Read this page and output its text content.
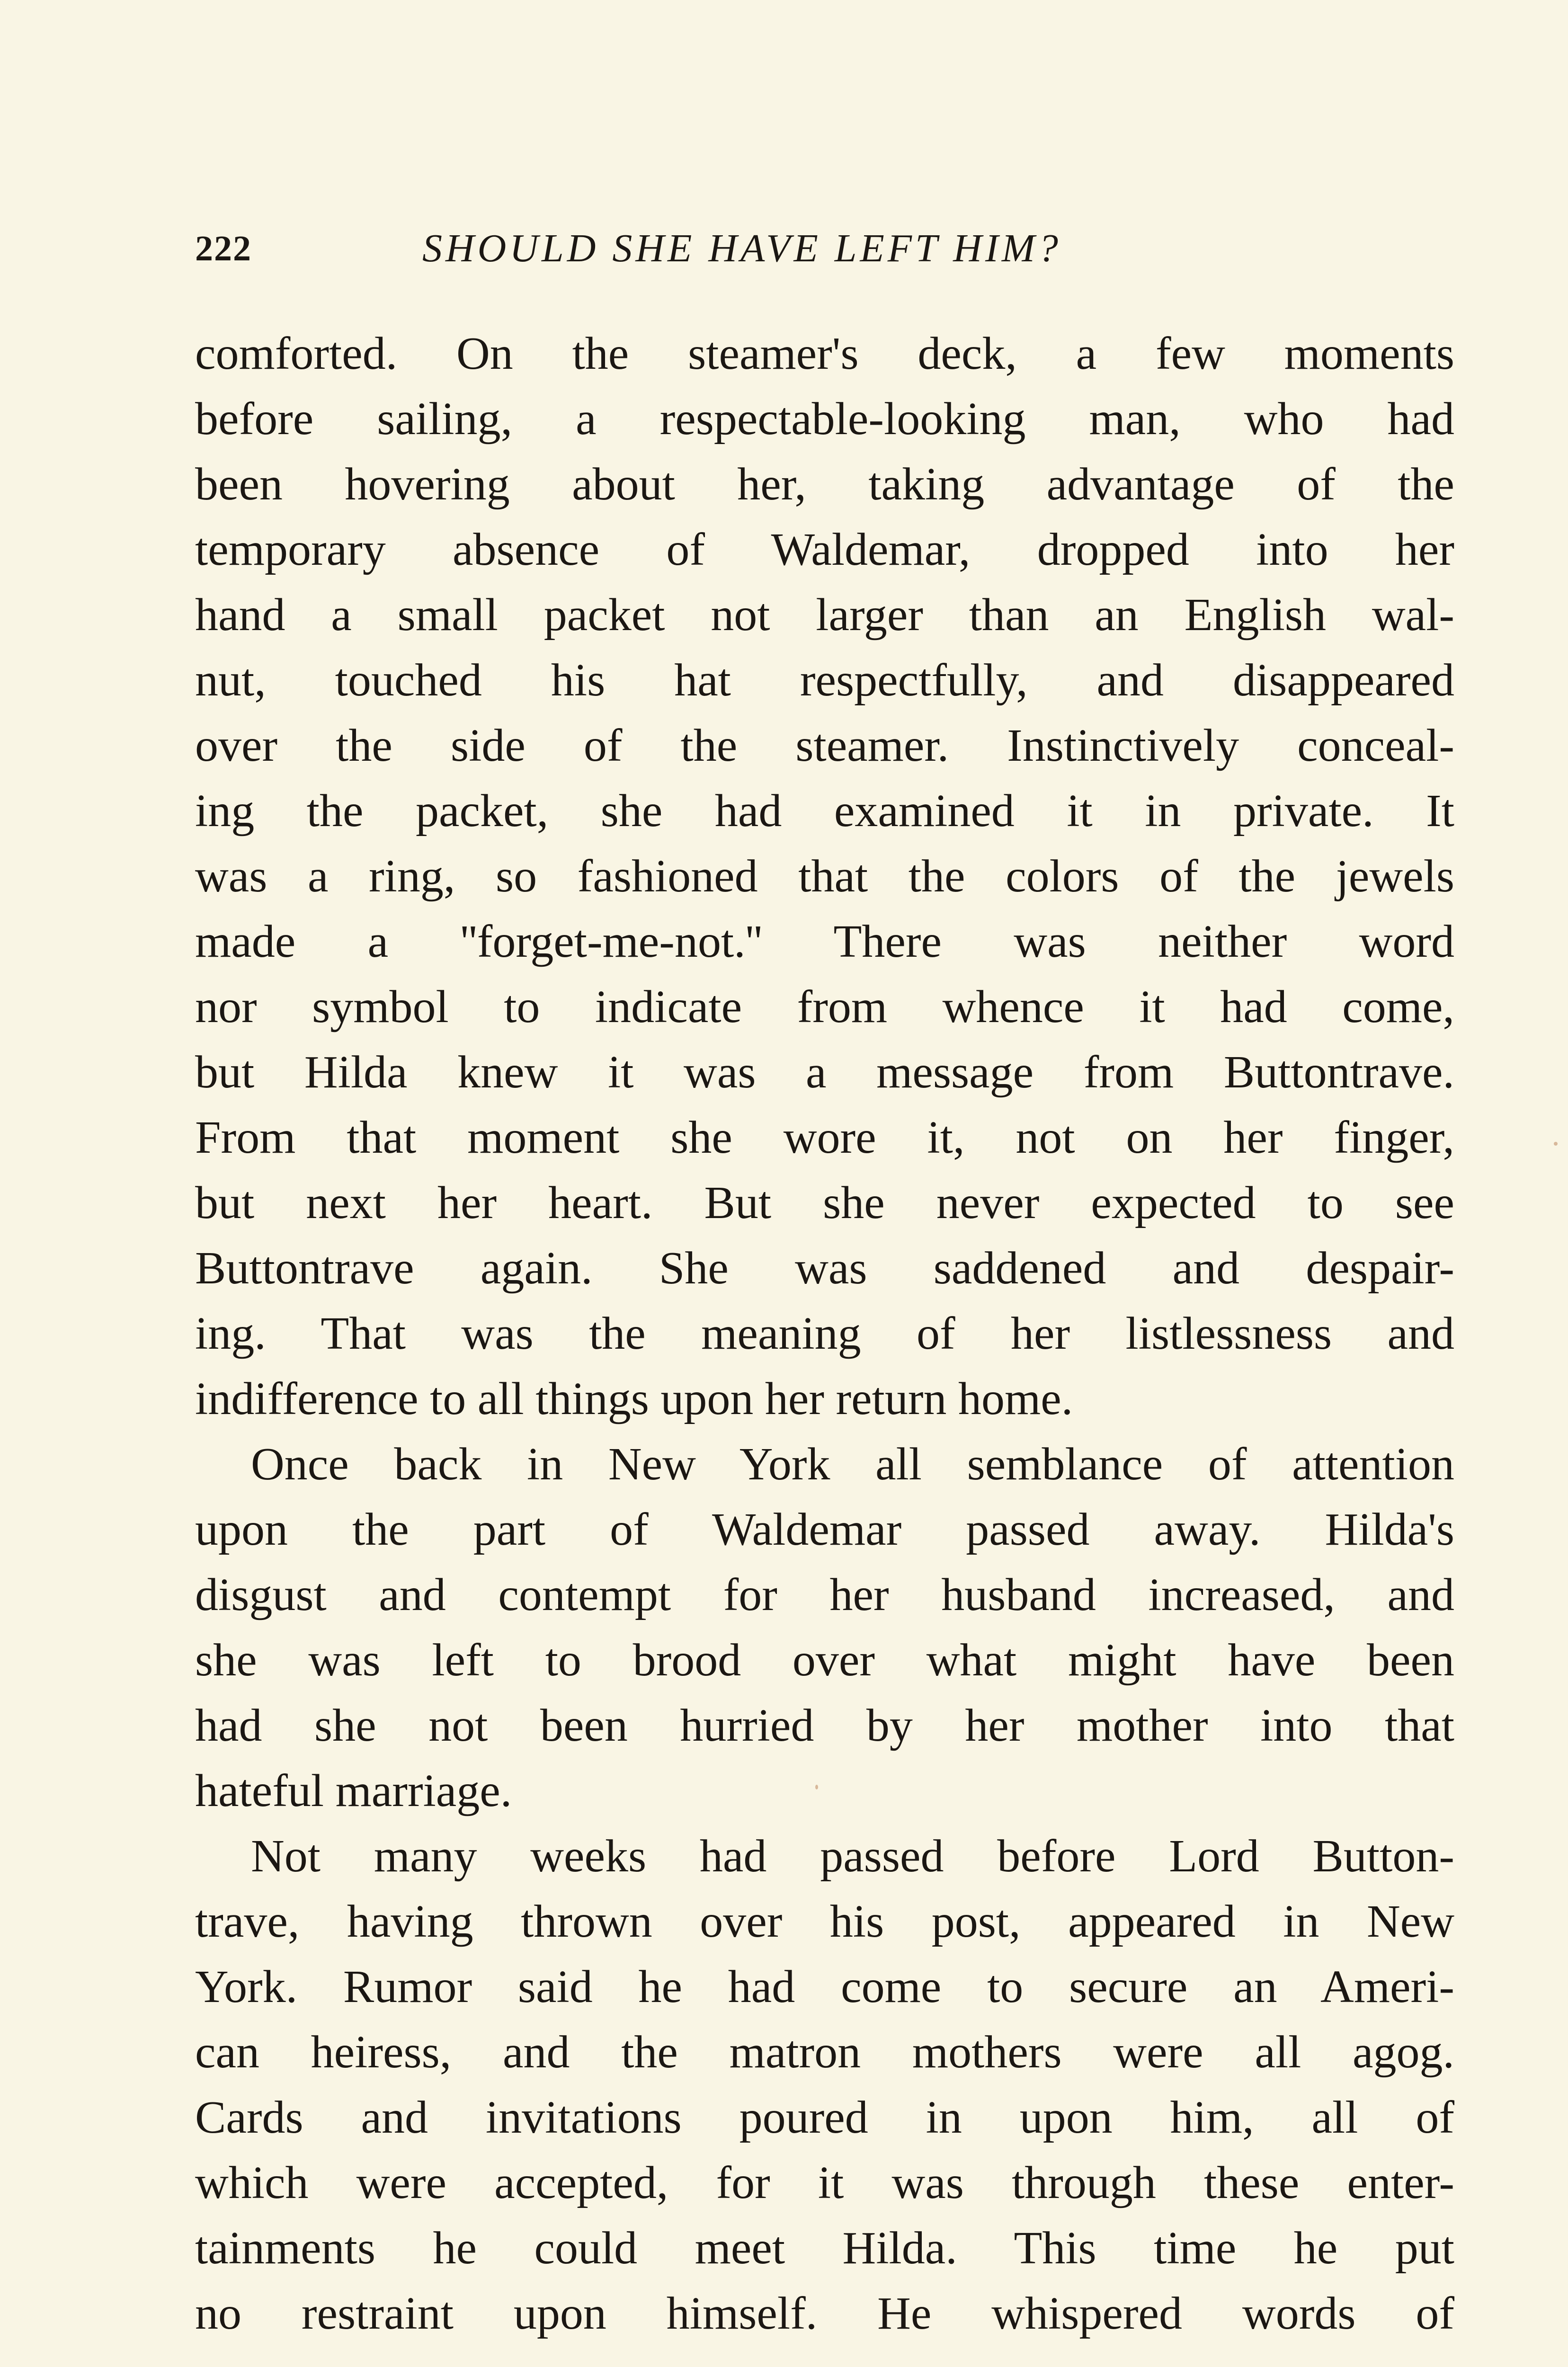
222	SHOULD SHE HAVE LEFT HIM?
comforted. On the steamer's deck, a few moments
before sailing, a respectable-looking man, who had
been hovering about her, taking advantage of the
temporary absence of Waldemar, dropped into her
hand a small packet not larger than an English wal-
nut, touched his hat respectfully, and disappeared
over the side of the steamer. Instinctively conceal-
ing the packet, she had examined it in private. It
was a ring, so fashioned that the colors of the jewels
made a ''forget-me-not.'' There was neither word
nor symbol to indicate from whence it had come,
but Hilda knew it was a message from Buttontrave.
From that moment she wore it, not on her finger,
but next her heart. But she never expected to see
Buttontrave again. She was saddened and despair-
ing. That was the meaning of her listlessness and
indifference to all things upon her return home.
Once back in New York all semblance of attention
upon the part of Waldemar passed away. Hilda's
disgust and contempt for her husband increased, and
she was left to brood over what might have been
had she not been hurried by her mother into that
hateful marriage.
Not many weeks had passed before Lord Button-
trave, having thrown over his post, appeared in New
York. Rumor said he had come to secure an Ameri-
can heiress, and the matron mothers were all agog.
Cards and invitations poured in upon him, all of
which were accepted, for it was through these enter-
tainments he could meet Hilda. This time he put
no restraint upon himself. He whispered words of
